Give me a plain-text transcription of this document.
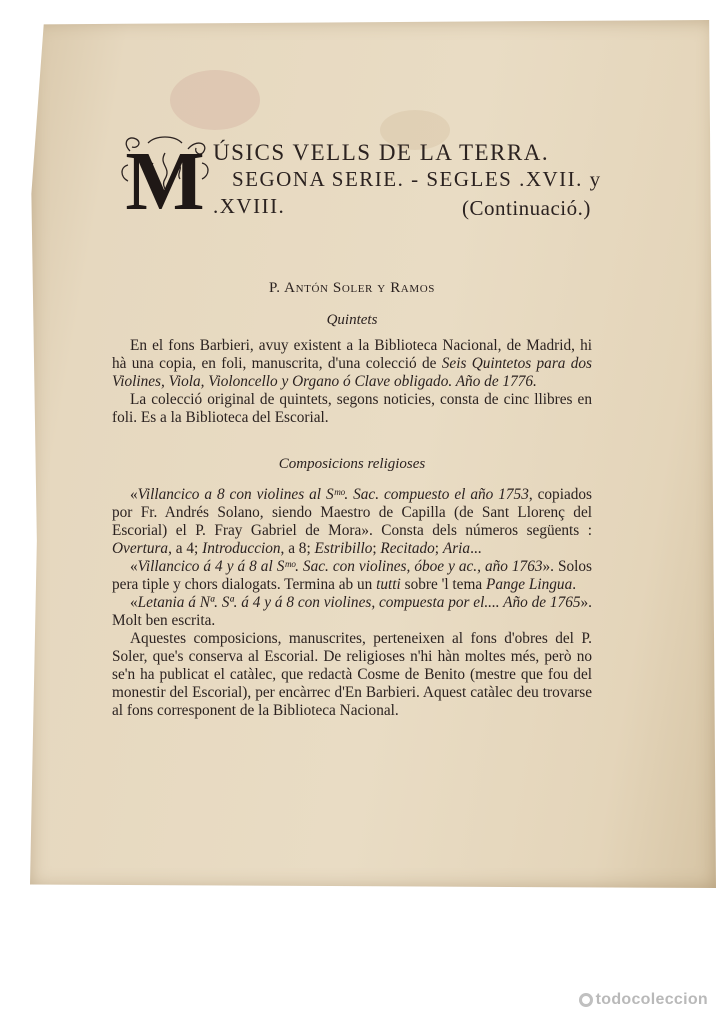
M ÚSICS VELLS DE LA TERRA.
SEGONA SERIE. - SEGLES .XVII. y
.XVIII.	(Continuació.)
P. Antón Soler y Ramos
Quintets

En el fons Barbieri, avuy existent a la Biblioteca Nacional, de Madrid, hi hà una copia, en foli, manuscrita, d'una colecció de Seis Quintetos para dos Violines, Viola, Violoncello y Organo ó Clave obligado. Año de 1776.

La colecció original de quintets, segons noticies, consta de cinc llibres en foli. Es a la Biblioteca del Escorial.

Composicions religioses

«Villancico a 8 con violines al Sᵐᵒ. Sac. compuesto el año 1753, copiados por Fr. Andrés Solano, siendo Maestro de Capilla (de Sant Llorenç del Escorial) el P. Fray Gabriel de Mora». Consta dels números següents : Overtura, a 4; Introduccion, a 8; Estribillo; Recitado; Aria...

«Villancico á 4 y á 8 al Sᵐᵒ. Sac. con violines, óboe y ac., año 1763». Solos pera tiple y chors dialogats. Termina ab un tutti sobre 'l tema Pange Lingua.

«Letania á Nª. Sª. á 4 y á 8 con violines, compuesta por el.... Año de 1765». Molt ben escrita.

Aquestes composicions, manuscrites, perteneixen al fons d'obres del P. Soler, que's conserva al Escorial. De religioses n'hi hàn moltes més, però no se'n ha publicat el catàlec, que redactà Cosme de Benito (mestre que fou del monestir del Escorial), per encàrrec d'En Barbieri. Aquest catàlec deu trovarse al fons corresponent de la Biblioteca Nacional.

todocoleccion
